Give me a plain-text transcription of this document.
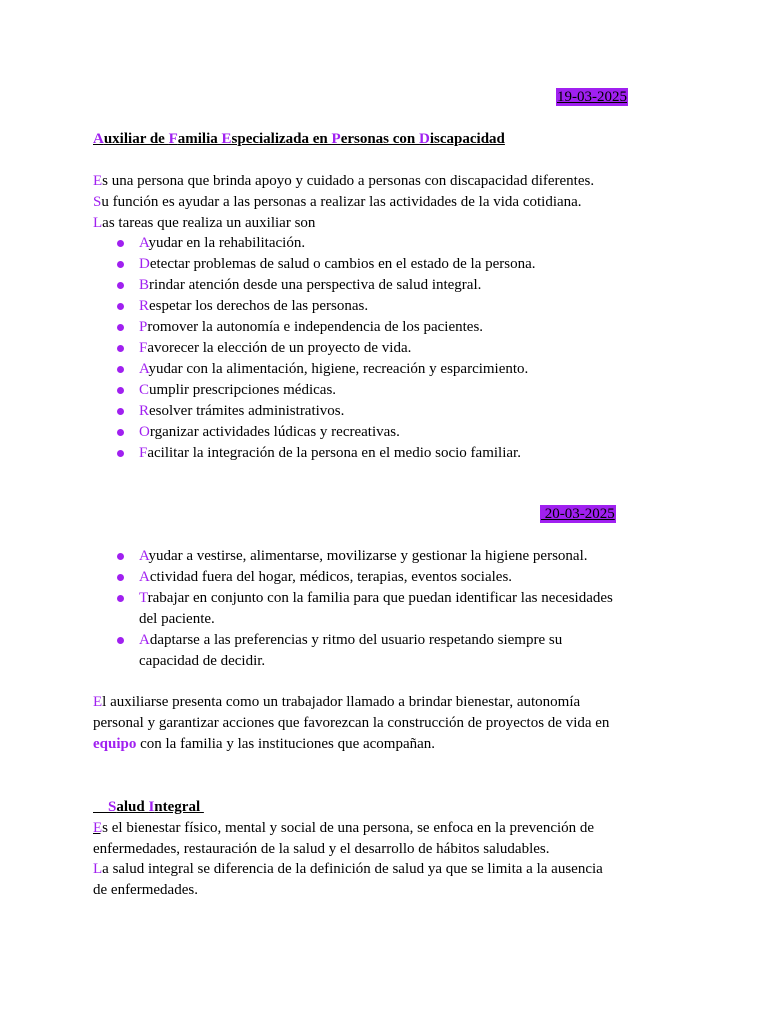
19-03-2025
Auxiliar de Familia Especializada en Personas con Discapacidad
Es una persona que brinda apoyo y cuidado a personas con discapacidad diferentes.
Su función es ayudar a las personas a realizar las actividades de la vida cotidiana.
Las tareas que realiza un auxiliar son
Ayudar en la rehabilitación.
Detectar problemas de salud o cambios en el estado de la persona.
Brindar atención desde una perspectiva de salud integral.
Respetar los derechos de las personas.
Promover la autonomía e independencia de los pacientes.
Favorecer la elección de un proyecto de vida.
Ayudar con la alimentación, higiene, recreación y esparcimiento.
Cumplir prescripciones médicas.
Resolver trámites administrativos.
Organizar actividades lúdicas y recreativas.
Facilitar la integración de la persona en el medio socio familiar.
20-03-2025
Ayudar a vestirse, alimentarse, movilizarse y gestionar la higiene personal.
Actividad fuera del hogar, médicos, terapias, eventos sociales.
Trabajar en conjunto con la familia para que puedan identificar las necesidades
del paciente.
Adaptarse a las preferencias y ritmo del usuario respetando siempre su
capacidad de decidir.
El auxiliarse presenta como un trabajador llamado a brindar bienestar, autonomía
personal y garantizar acciones que favorezcan la construcción de proyectos de vida en
equipo con la familia y las instituciones que acompañan.

Salud Integral

Es el bienestar físico, mental y social de una persona, se enfoca en la prevención de
enfermedades, restauración de la salud y el desarrollo de hábitos saludables.
La salud integral se diferencia de la definición de salud ya que se limita a la ausencia
de enfermedades.
